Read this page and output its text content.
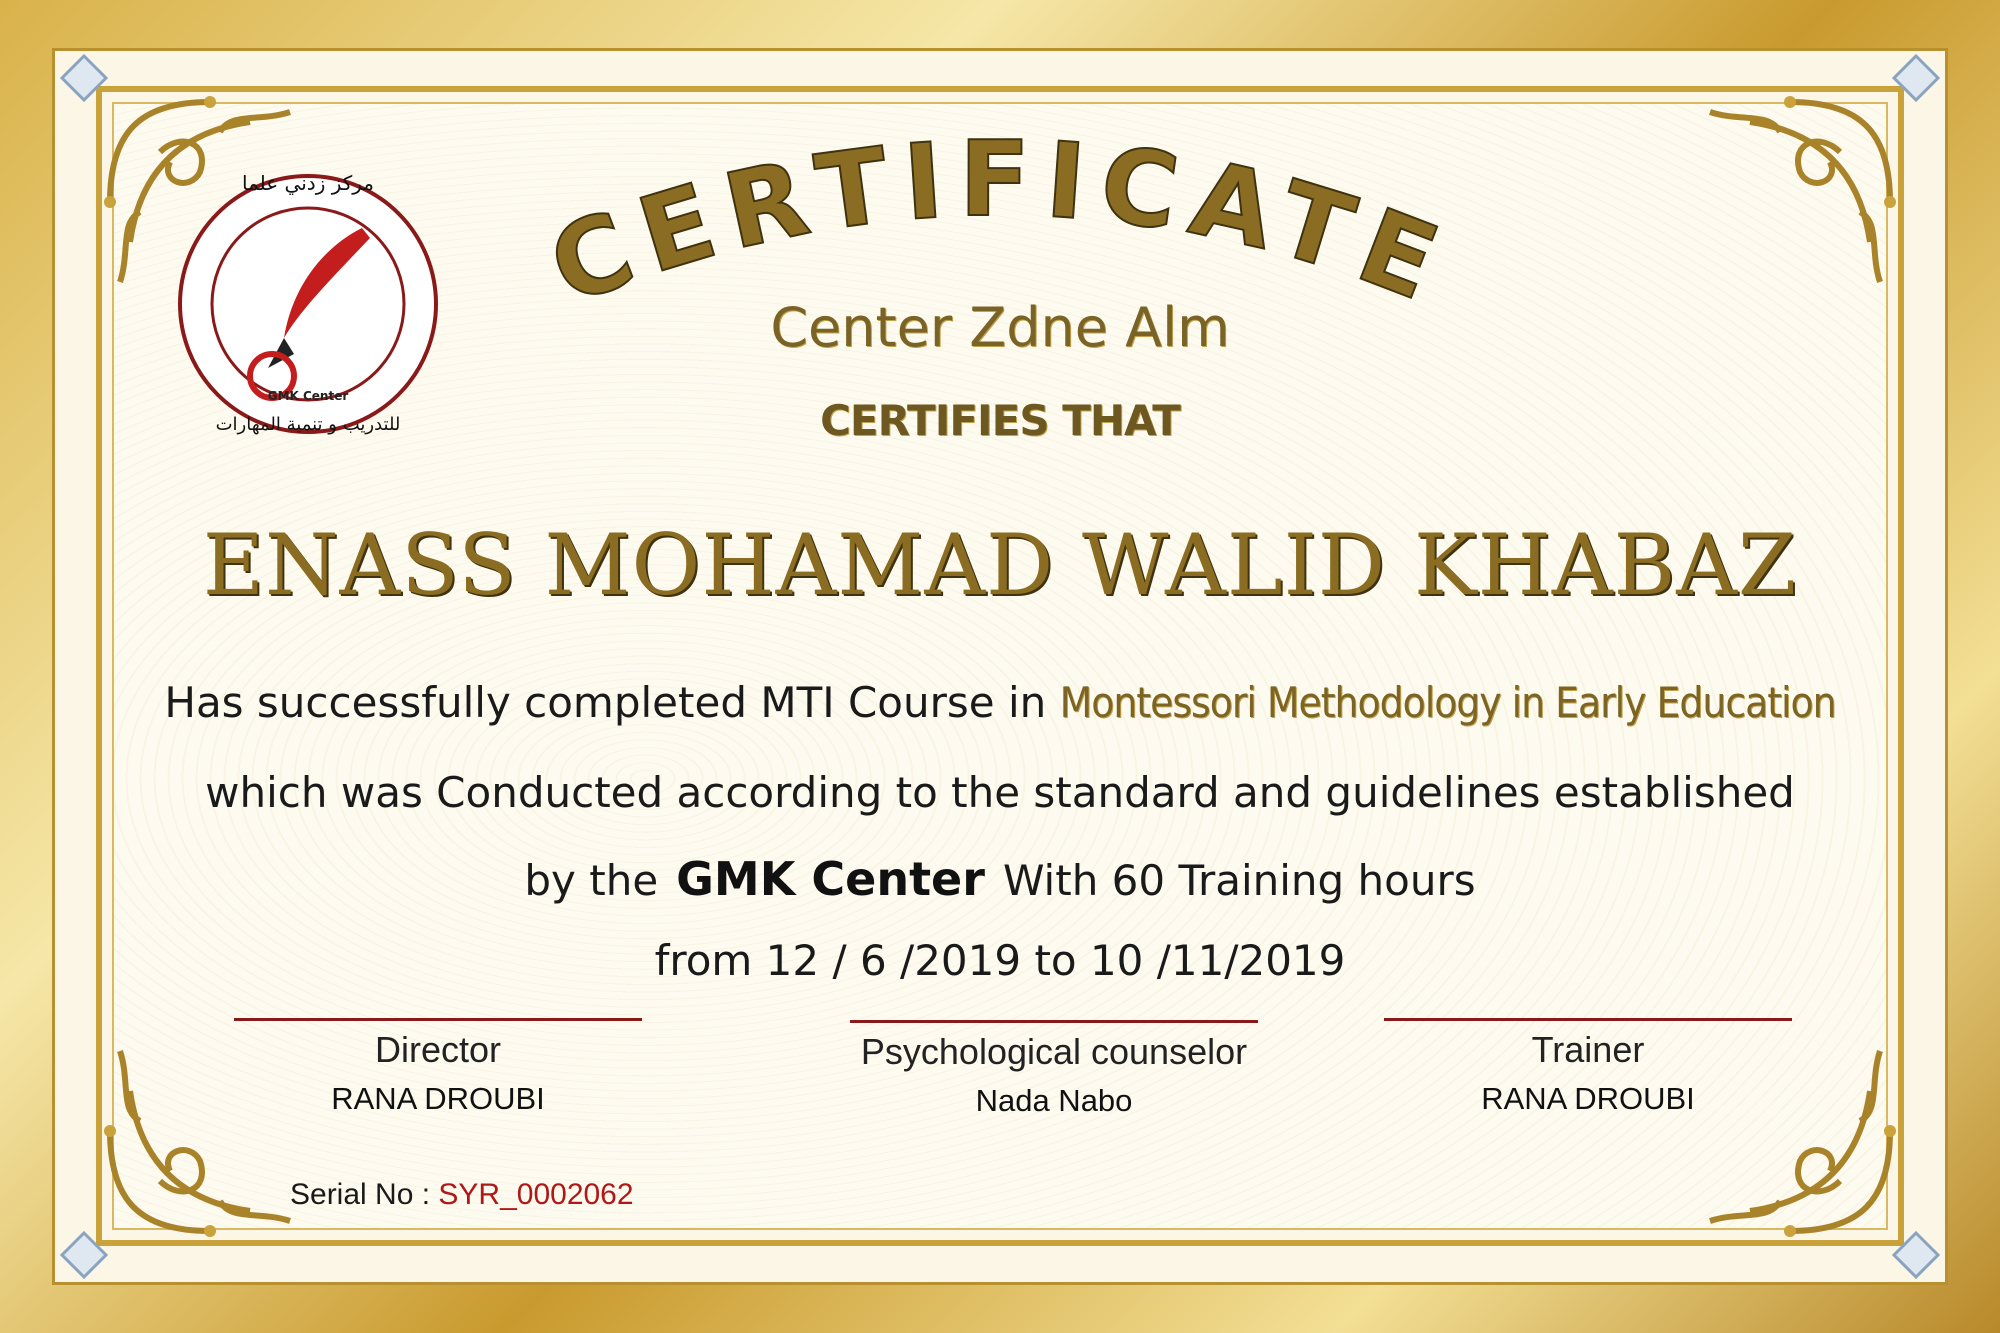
مركز زدني علما
للتدريب و تنمية المهارات
GMK Center
CERTIFICATE
Center Zdne Alm
CERTIFIES THAT
ENASS MOHAMAD WALID KHABAZ
Has successfully completed MTI Course in Montessori Methodology in Early Education
which was Conducted according to the standard and guidelines established
by the GMK Center With 60 Training hours
from 12 / 6 /2019 to 10 /11/2019
Director
RANA DROUBI
Psychological counselor
Nada Nabo
Trainer
RANA DROUBI
Serial No : SYR_0002062
